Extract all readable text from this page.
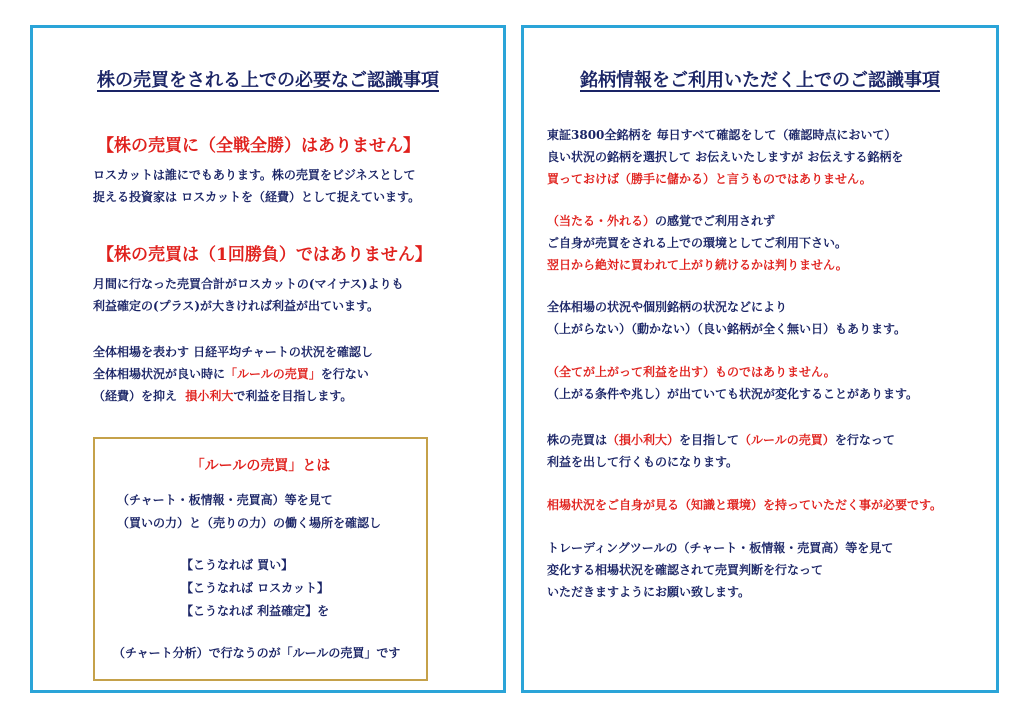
株の売買をされる上での必要なご認識事項
【株の売買に（全戦全勝）はありません】
ロスカットは誰にでもあります。株の売買をビジネスとして
捉える投資家は ロスカットを（経費）として捉えています。
【株の売買は（1回勝負）ではありません】
月間に行なった売買合計がロスカットの(マイナス)よりも
利益確定の(プラス)が大きければ利益が出ています。
全体相場を表わす 日経平均チャートの状況を確認し
全体相場状況が良い時に「ルールの売買」を行ない
（経費）を抑え 損小利大で利益を目指します。
「ルールの売買」とは
（チャート・板情報・売買高）等を見て
（買いの力）と（売りの力）の働く場所を確認し
【こうなれば 買い】
【こうなれば ロスカット】
【こうなれば 利益確定】を
（チャート分析）で行なうのが「ルールの売買」です
銘柄情報をご利用いただく上でのご認識事項
東証3800全銘柄を 毎日すべて確認をして（確認時点において）
良い状況の銘柄を選択して お伝えいたしますが お伝えする銘柄を
買っておけば（勝手に儲かる）と言うものではありません。
（当たる・外れる）の感覚でご利用されず
ご自身が売買をされる上での環境としてご利用下さい。
翌日から絶対に買われて上がり続けるかは判りません。
全体相場の状況や個別銘柄の状況などにより
（上がらない）（動かない）（良い銘柄が全く無い日）もあります。
（全てが上がって利益を出す）ものではありません。
（上がる条件や兆し）が出ていても状況が変化することがあります。
株の売買は（損小利大）を目指して（ルールの売買）を行なって
利益を出して行くものになります。
相場状況をご自身が見る（知識と環境）を持っていただく事が必要です。
トレーディングツールの（チャート・板情報・売買高）等を見て
変化する相場状況を確認されて売買判断を行なって
いただきますようにお願い致します。
